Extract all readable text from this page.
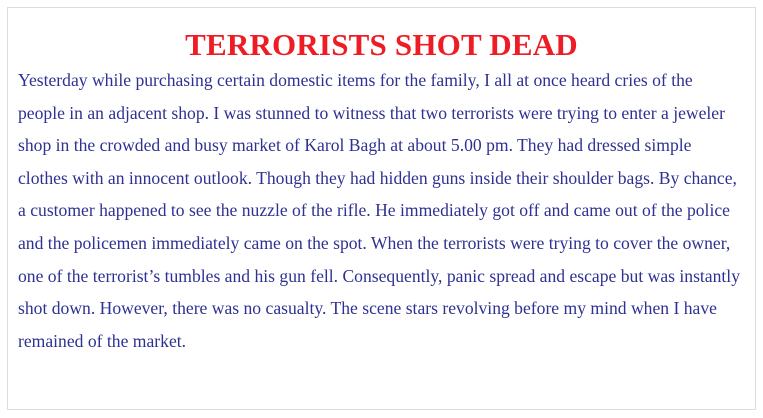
TERRORISTS SHOT DEAD

Yesterday while purchasing certain domestic items for the family, I all at once heard cries of the people in an adjacent shop. I was stunned to witness that two terrorists were trying to enter a jeweler shop in the crowded and busy market of Karol Bagh at about 5.00 pm. They had dressed simple clothes with an innocent outlook. Though they had hidden guns inside their shoulder bags. By chance, a customer happened to see the nuzzle of the rifle. He immediately got off and came out of the police and the policemen immediately came on the spot. When the terrorists were trying to cover the owner, one of the terrorist’s tumbles and his gun fell. Consequently, panic spread and escape but was instantly shot down. However, there was no casualty. The scene stars revolving before my mind when I have remained of the market.
